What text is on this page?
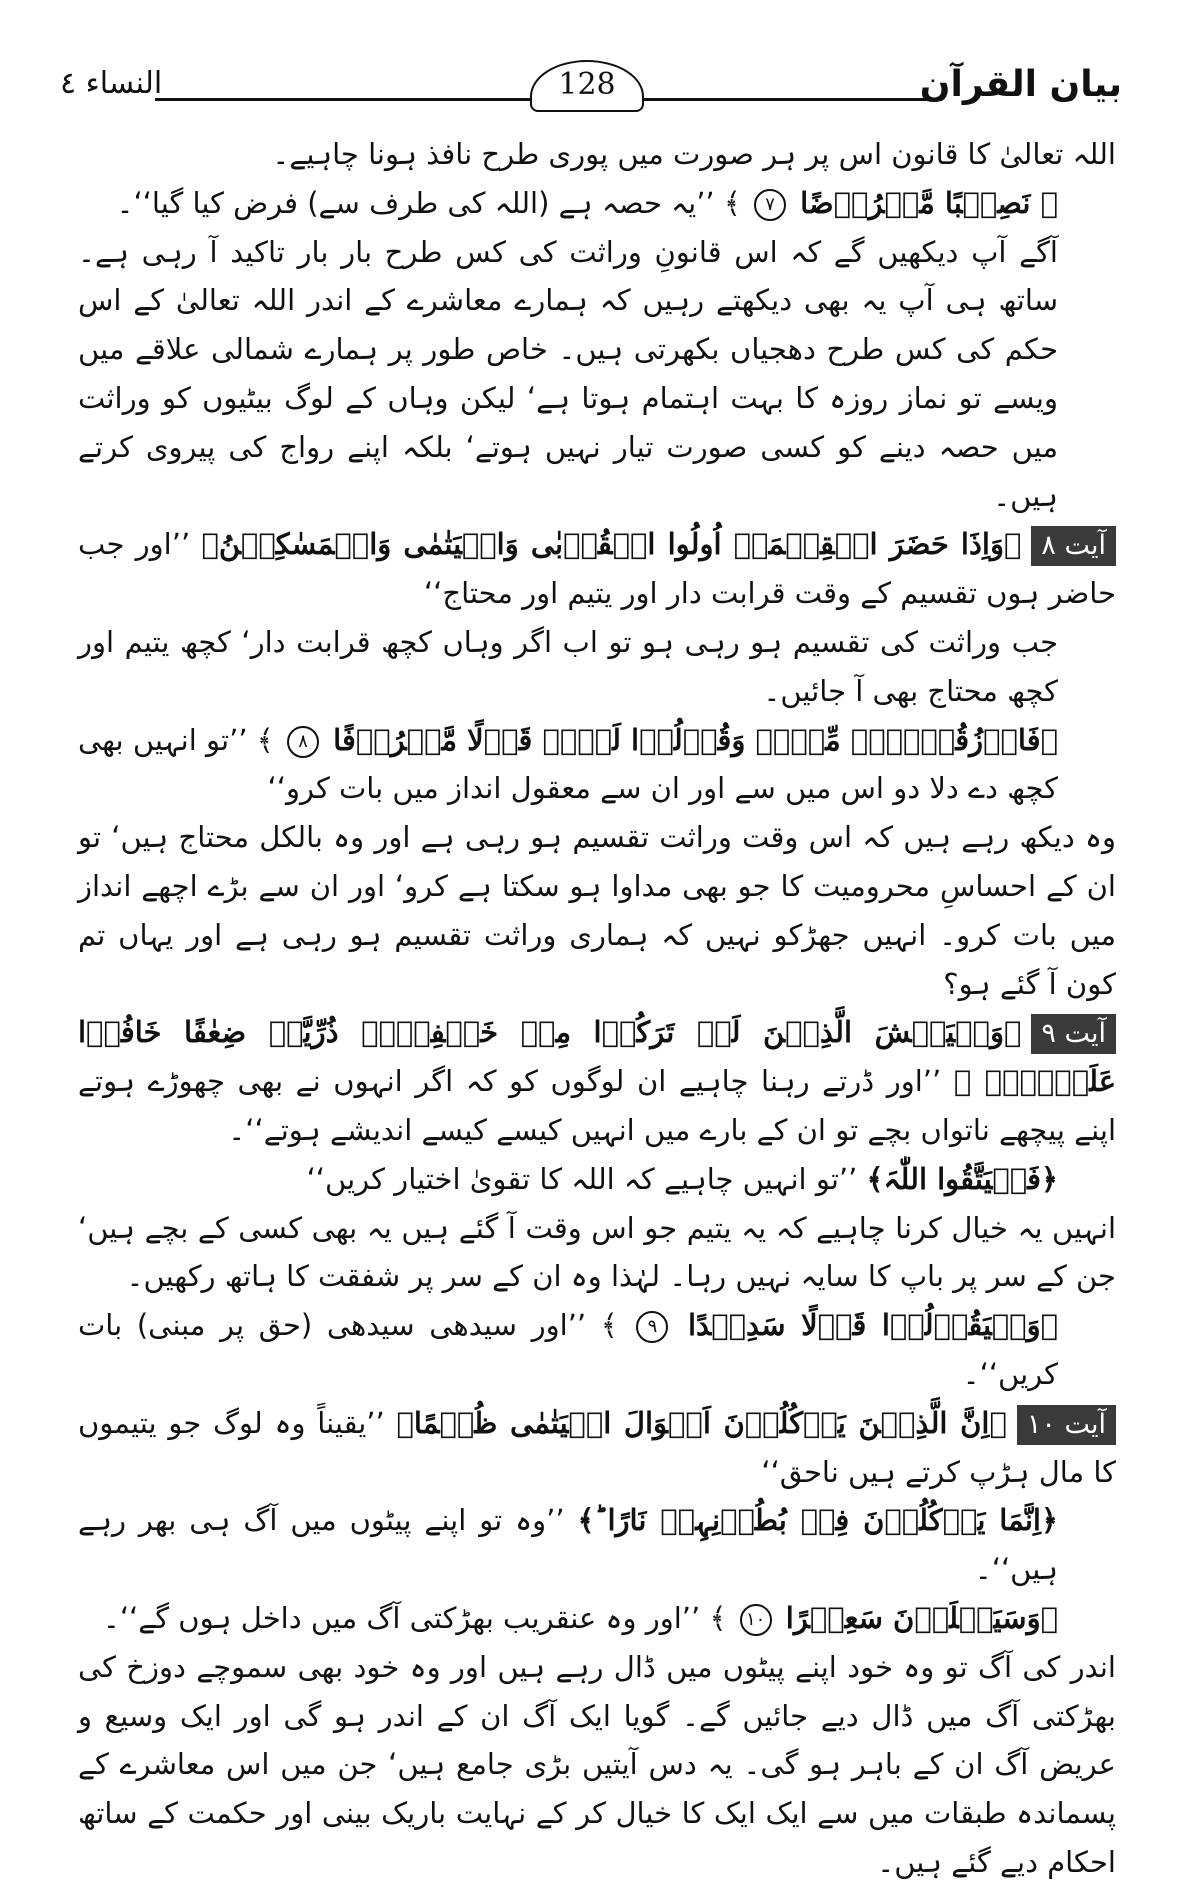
بیان القرآن
128
النساء ٤

اللہ تعالیٰ کا قانون اس پر ہر صورت میں پوری طرح نافذ ہونا چاہیے۔

﴿ نَصِیۡبًا مَّفۡرُوۡضًا ۷ ﴾ ’’یہ حصہ ہے (اللہ کی طرف سے) فرض کیا گیا‘‘۔

آگے آپ دیکھیں گے کہ اس قانونِ وراثت کی کس طرح بار بار تاکید آ رہی ہے۔ ساتھ ہی آپ یہ بھی دیکھتے رہیں کہ ہمارے معاشرے کے اندر اللہ تعالیٰ کے اس حکم کی کس طرح دھجیاں بکھرتی ہیں۔ خاص طور پر ہمارے شمالی علاقے میں ویسے تو نماز روزہ کا بہت اہتمام ہوتا ہے‘ لیکن وہاں کے لوگ بیٹیوں کو وراثت میں حصہ دینے کو کسی صورت تیار نہیں ہوتے‘ بلکہ اپنے رواج کی پیروی کرتے ہیں۔

آیت ۸﴿وَاِذَا حَضَرَ الۡقِسۡمَۃَ اُولُوا الۡقُرۡبٰی وَالۡیَتٰمٰی وَالۡمَسٰکِیۡنُ﴾ ’’اور جب حاضر ہوں تقسیم کے وقت قرابت دار اور یتیم اور محتاج‘‘

جب وراثت کی تقسیم ہو رہی ہو تو اب اگر وہاں کچھ قرابت دار‘ کچھ یتیم اور کچھ محتاج بھی آ جائیں۔

﴿فَارۡزُقُوۡہُمۡ مِّنۡہُ وَقُوۡلُوۡا لَہُمۡ قَوۡلًا مَّعۡرُوۡفًا ۸ ﴾ ’’تو انہیں بھی کچھ دے دلا دو اس میں سے اور ان سے معقول انداز میں بات کرو‘‘

وہ دیکھ رہے ہیں کہ اس وقت وراثت تقسیم ہو رہی ہے اور وہ بالکل محتاج ہیں‘ تو ان کے احساسِ محرومیت کا جو بھی مداوا ہو سکتا ہے کرو‘ اور ان سے بڑے اچھے انداز میں بات کرو۔ انہیں جھڑکو نہیں کہ ہماری وراثت تقسیم ہو رہی ہے اور یہاں تم کون آ گئے ہو؟

آیت ۹﴿وَلۡیَخۡشَ الَّذِیۡنَ لَوۡ تَرَکُوۡا مِنۡ خَلۡفِہِمۡ ذُرِّیَّۃً ضِعٰفًا خَافُوۡا عَلَیۡہِمۡ ﴾ ’’اور ڈرتے رہنا چاہیے ان لوگوں کو کہ اگر انہوں نے بھی چھوڑے ہوتے اپنے پیچھے ناتواں بچے تو ان کے بارے میں انہیں کیسے کیسے اندیشے ہوتے‘‘۔

﴿فَلۡیَتَّقُوا اللّٰہَ﴾ ’’تو انہیں چاہیے کہ اللہ کا تقویٰ اختیار کریں‘‘

انہیں یہ خیال کرنا چاہیے کہ یہ یتیم جو اس وقت آ گئے ہیں یہ بھی کسی کے بچے ہیں‘ جن کے سر پر باپ کا سایہ نہیں رہا۔ لہٰذا وہ ان کے سر پر شفقت کا ہاتھ رکھیں۔

﴿وَلۡیَقُوۡلُوۡا قَوۡلًا سَدِیۡدًا ۹ ﴾ ’’اور سیدھی سیدھی (حق پر مبنی) بات کریں‘‘۔

آیت ۱۰﴿اِنَّ الَّذِیۡنَ یَاۡکُلُوۡنَ اَمۡوَالَ الۡیَتٰمٰی ظُلۡمًا﴾ ’’یقیناً وہ لوگ جو یتیموں کا مال ہڑپ کرتے ہیں ناحق‘‘

﴿اِنَّمَا یَاۡکُلُوۡنَ فِیۡ بُطُوۡنِہِمۡ نَارًا ؕ﴾ ’’وہ تو اپنے پیٹوں میں آگ ہی بھر رہے ہیں‘‘۔

﴿وَسَیَصۡلَوۡنَ سَعِیۡرًا ۱۰ ﴾ ’’اور وہ عنقریب بھڑکتی آگ میں داخل ہوں گے‘‘۔

اندر کی آگ تو وہ خود اپنے پیٹوں میں ڈال رہے ہیں اور وہ خود بھی سموچے دوزخ کی بھڑکتی آگ میں ڈال دیے جائیں گے۔ گویا ایک آگ ان کے اندر ہو گی اور ایک وسیع و عریض آگ ان کے باہر ہو گی۔ یہ دس آیتیں بڑی جامع ہیں‘ جن میں اس معاشرے کے پسماندہ طبقات میں سے ایک ایک کا خیال کر کے نہایت باریک بینی اور حکمت کے ساتھ احکام دیے گئے ہیں۔
